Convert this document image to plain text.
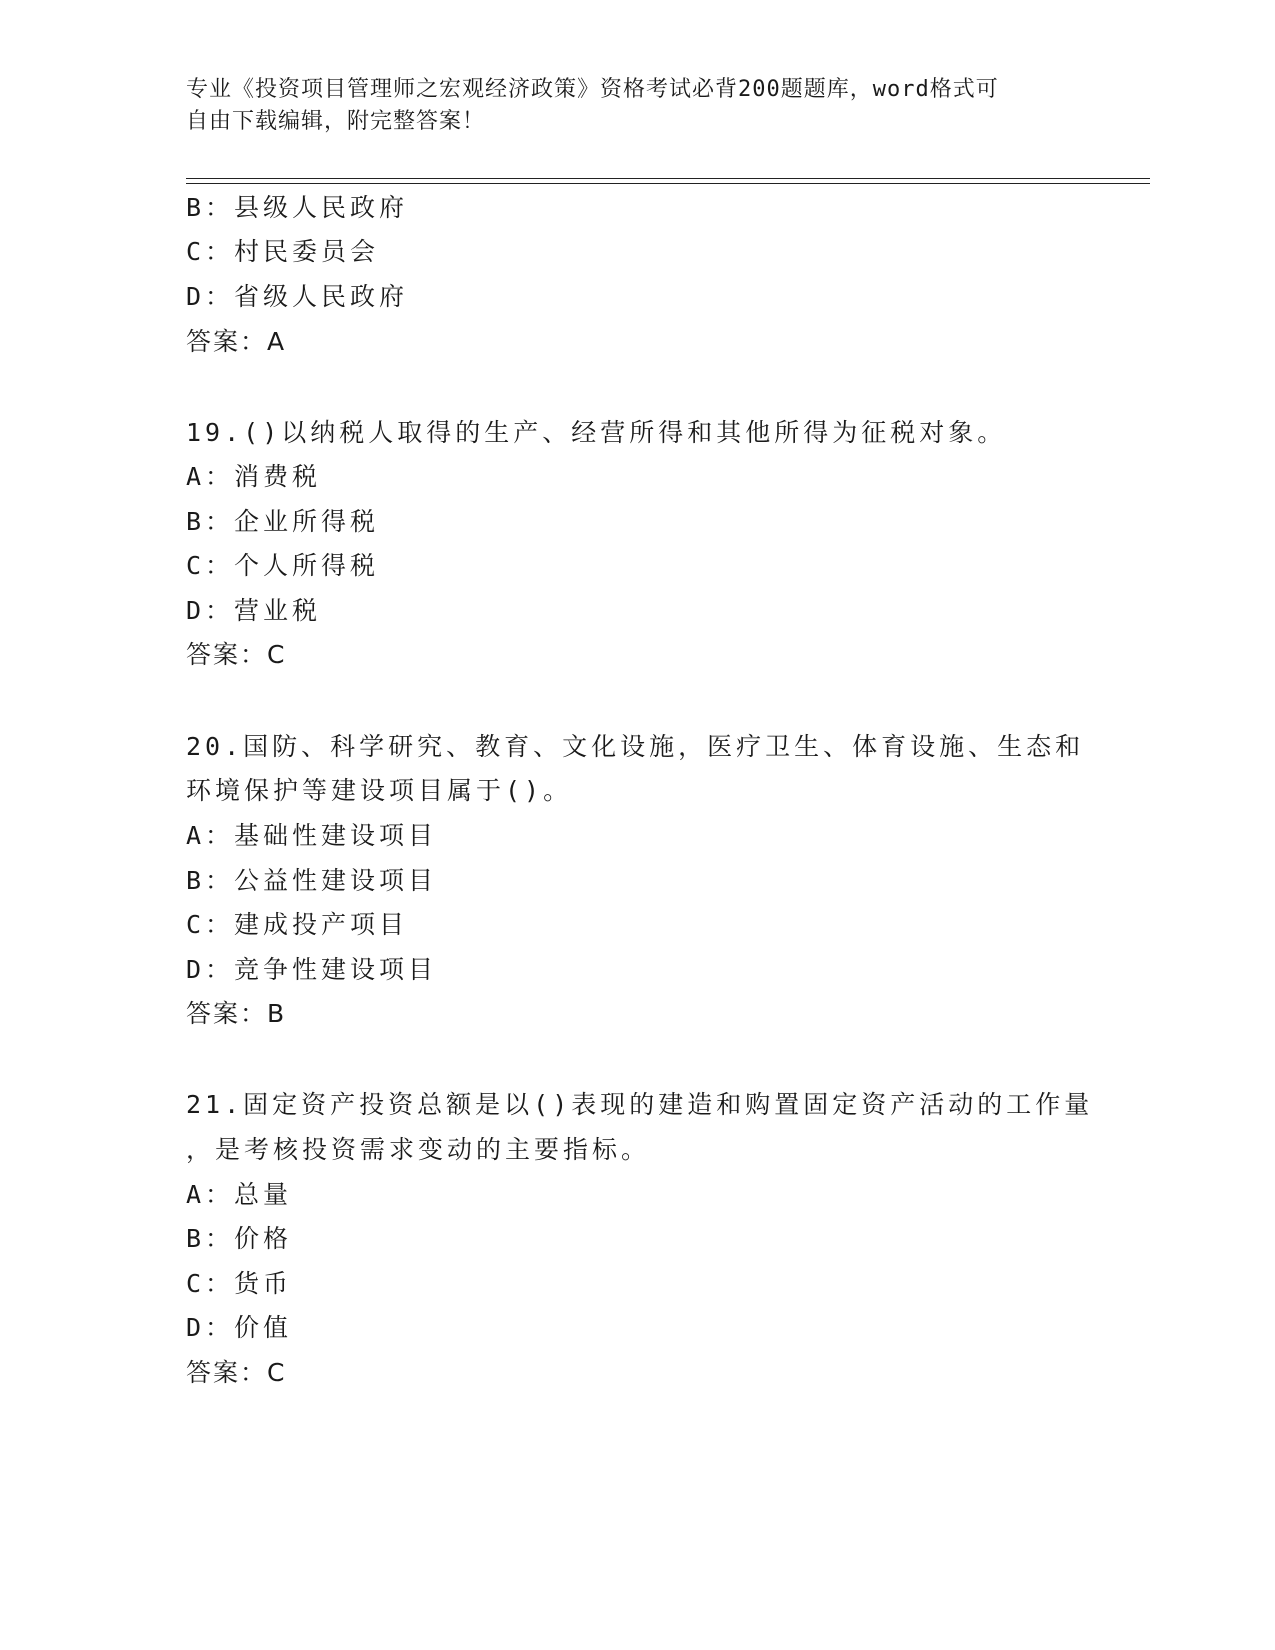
专业《投资项目管理师之宏观经济政策》资格考试必背200题题库，word格式可
自由下载编辑，附完整答案！
B：县级人民政府
C：村民委员会
D：省级人民政府
答案：A
19.()以纳税人取得的生产、经营所得和其他所得为征税对象。
A：消费税
B：企业所得税
C：个人所得税
D：营业税
答案：C
20.国防、科学研究、教育、文化设施，医疗卫生、体育设施、生态和
环境保护等建设项目属于()。
A：基础性建设项目
B：公益性建设项目
C：建成投产项目
D：竞争性建设项目
答案：B
21.固定资产投资总额是以()表现的建造和购置固定资产活动的工作量
，是考核投资需求变动的主要指标。
A：总量
B：价格
C：货币
D：价值
答案：C
